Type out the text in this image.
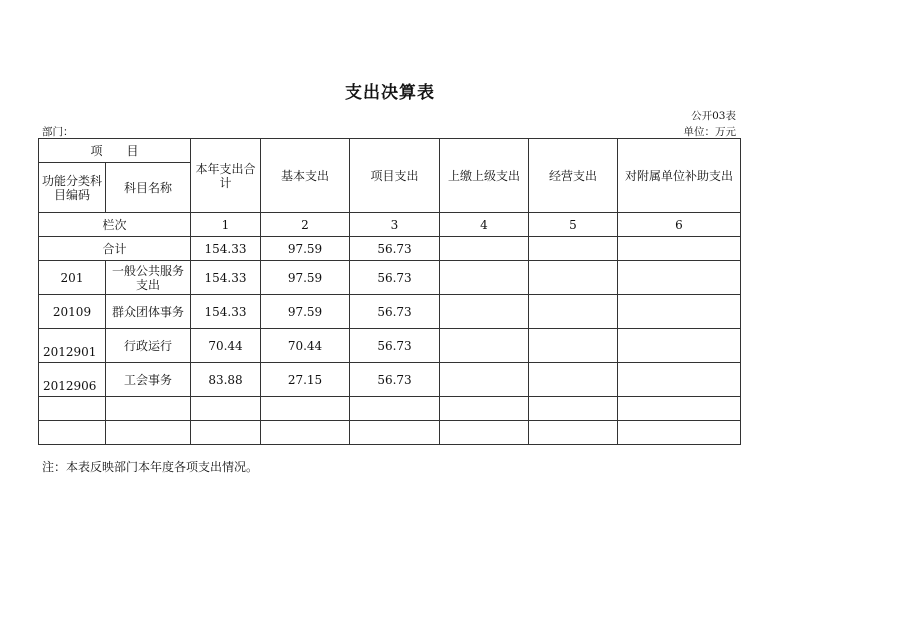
支出决算表
公开03表
单位：万元
部门：
项　　目		本年支出合计	基本支出	项目支出	上缴上级支出	经营支出	对附属单位补助支出
功能分类科目编码	科目名称						
栏次		1	2	3	4	5	6
合计		154.33	97.59	56.73			
201	一般公共服务支出	154.33	97.59	56.73			
20109	群众团体事务	154.33	97.59	56.73			
2012901	行政运行	70.44	70.44	56.73			
2012906	工会事务	83.88	27.15	56.73			

注：本表反映部门本年度各项支出情况。
